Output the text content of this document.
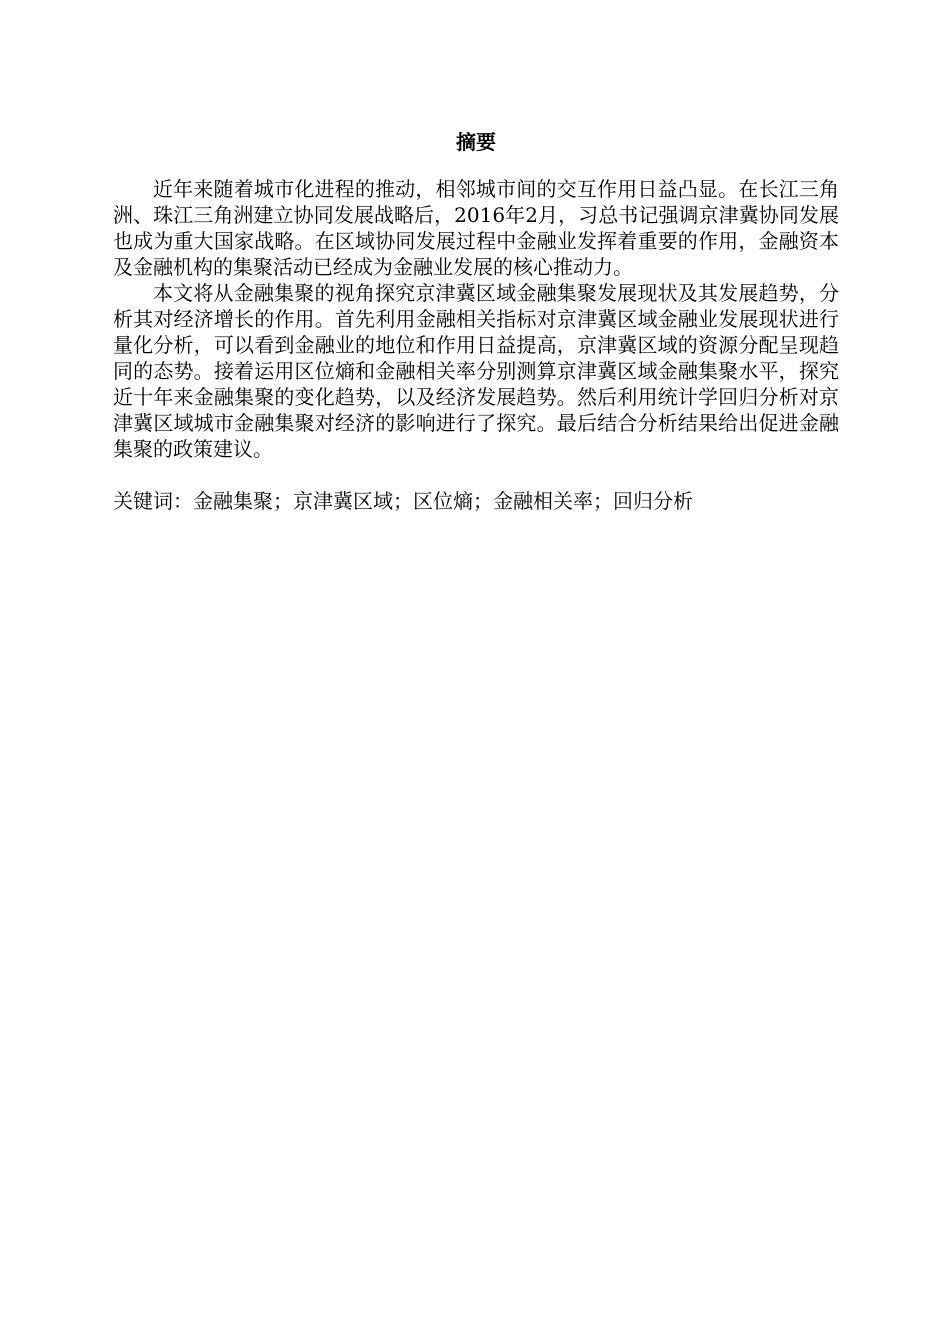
摘要

近年来随着城市化进程的推动，相邻城市间的交互作用日益凸显。在长江三角洲、珠江三角洲建立协同发展战略后，2016年2月，习总书记强调京津冀协同发展也成为重大国家战略。在区域协同发展过程中金融业发挥着重要的作用，金融资本及金融机构的集聚活动已经成为金融业发展的核心推动力。

本文将从金融集聚的视角探究京津冀区域金融集聚发展现状及其发展趋势，分析其对经济增长的作用。首先利用金融相关指标对京津冀区域金融业发展现状进行量化分析，可以看到金融业的地位和作用日益提高，京津冀区域的资源分配呈现趋同的态势。接着运用区位熵和金融相关率分别测算京津冀区域金融集聚水平，探究近十年来金融集聚的变化趋势，以及经济发展趋势。然后利用统计学回归分析对京津冀区域城市金融集聚对经济的影响进行了探究。最后结合分析结果给出促进金融集聚的政策建议。

关键词：金融集聚；京津冀区域；区位熵；金融相关率；回归分析
